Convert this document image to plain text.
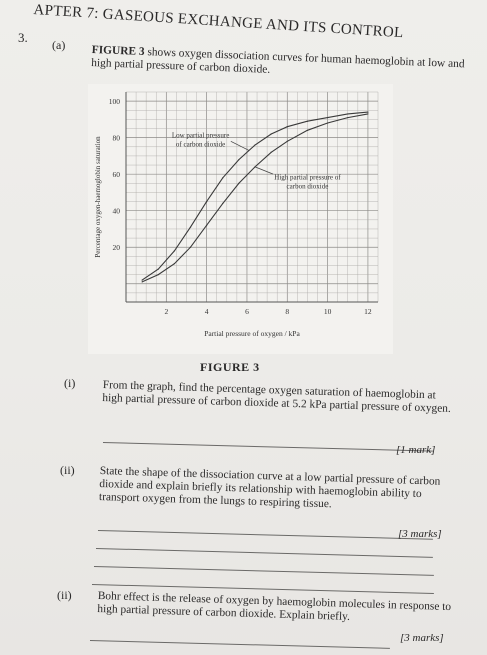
APTER 7: GASEOUS EXCHANGE AND ITS CONTROL
3. (a) FIGURE 3 shows oxygen dissociation curves for human haemoglobin at low and high partial pressure of carbon dioxide.
20
40
60
80
100
2	4	6	8	10	12
Partial pressure of oxygen / kPa
Percentage oxygen-haemoglobin saturation
Low partial pressure
of carbon dioxide
High partial pressure of
carbon dioxide
FIGURE 3
(i) From the graph, find the percentage oxygen saturation of haemoglobin at high partial pressure of carbon dioxide at 5.2 kPa partial pressure of oxygen.
[1 mark]
(ii) State the shape of the dissociation curve at a low partial pressure of carbon dioxide and explain briefly its relationship with haemoglobin ability to transport oxygen from the lungs to respiring tissue.
[3 marks]
(ii) Bohr effect is the release of oxygen by haemoglobin molecules in response to high partial pressure of carbon dioxide. Explain briefly.
[3 marks]
